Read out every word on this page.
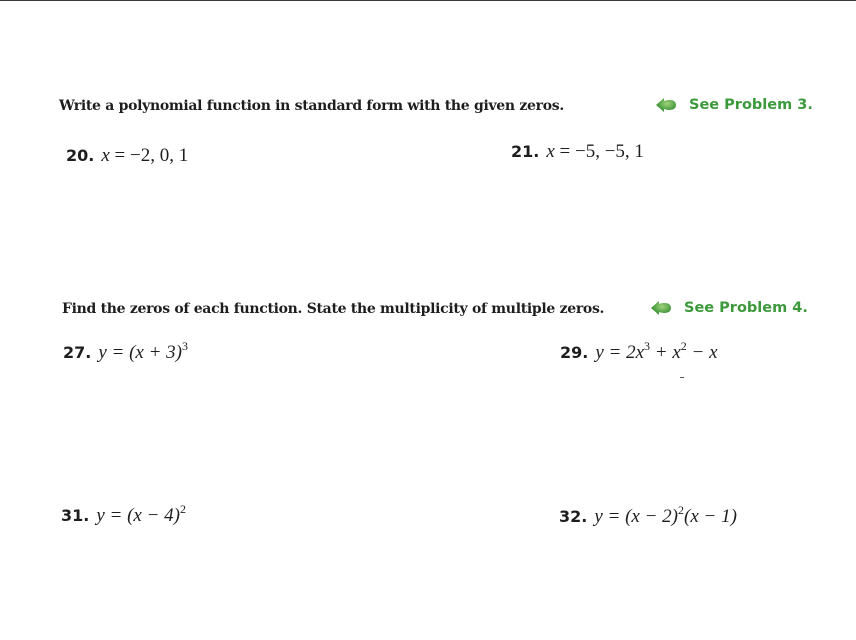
Write a polynomial function in standard form with the given zeros.	See Problem 3.
20. x = −2, 0, 1	21. x = −5, −5, 1
Find the zeros of each function. State the multiplicity of multiple zeros.	See Problem 4.
27. $y = (x + 3)^3$	29. $y = 2x^3 + x^2 - x$
31. $y = (x - 4)^2$	32. $y = (x - 2)^2(x - 1)$
